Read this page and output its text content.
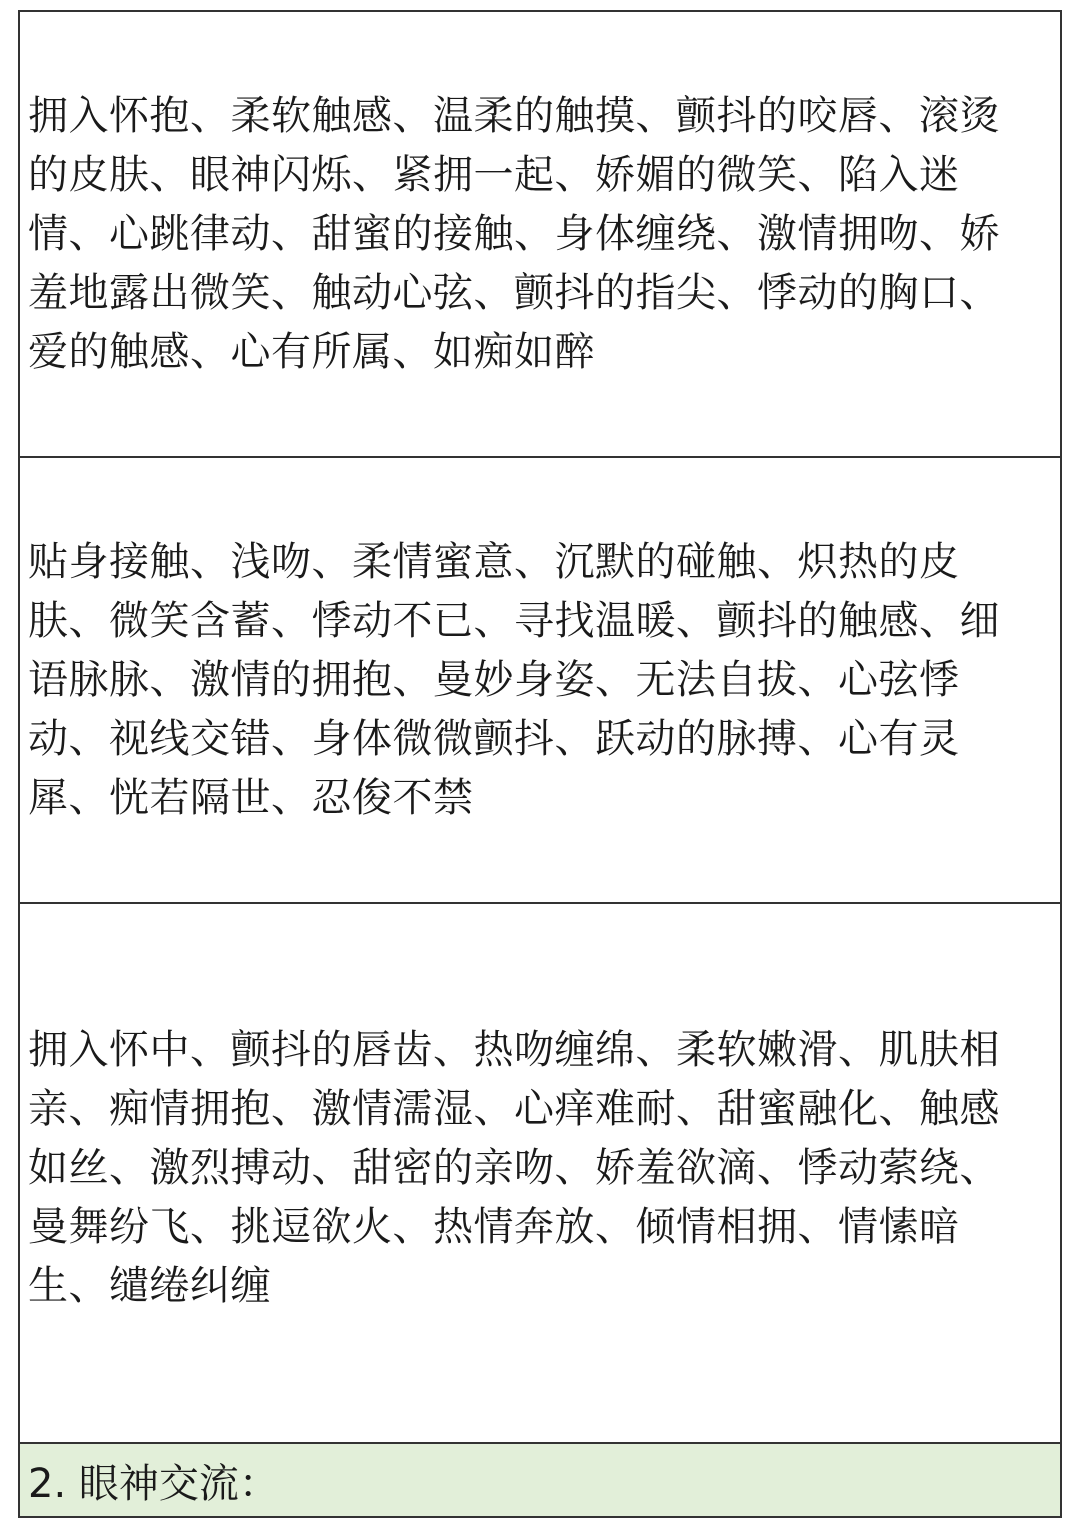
拥入怀抱、柔软触感、温柔的触摸、颤抖的咬唇、滚烫的皮肤、眼神闪烁、紧拥一起、娇媚的微笑、陷入迷情、心跳律动、甜蜜的接触、身体缠绕、激情拥吻、娇羞地露出微笑、触动心弦、颤抖的指尖、悸动的胸口、爱的触感、心有所属、如痴如醉

贴身接触、浅吻、柔情蜜意、沉默的碰触、炽热的皮肤、微笑含蓄、悸动不已、寻找温暖、颤抖的触感、细语脉脉、激情的拥抱、曼妙身姿、无法自拔、心弦悸动、视线交错、身体微微颤抖、跃动的脉搏、心有灵犀、恍若隔世、忍俊不禁

拥入怀中、颤抖的唇齿、热吻缠绵、柔软嫩滑、肌肤相亲、痴情拥抱、激情濡湿、心痒难耐、甜蜜融化、触感如丝、激烈搏动、甜密的亲吻、娇羞欲滴、悸动萦绕、曼舞纷飞、挑逗欲火、热情奔放、倾情相拥、情愫暗生、缱绻纠缠

2. 眼神交流：
